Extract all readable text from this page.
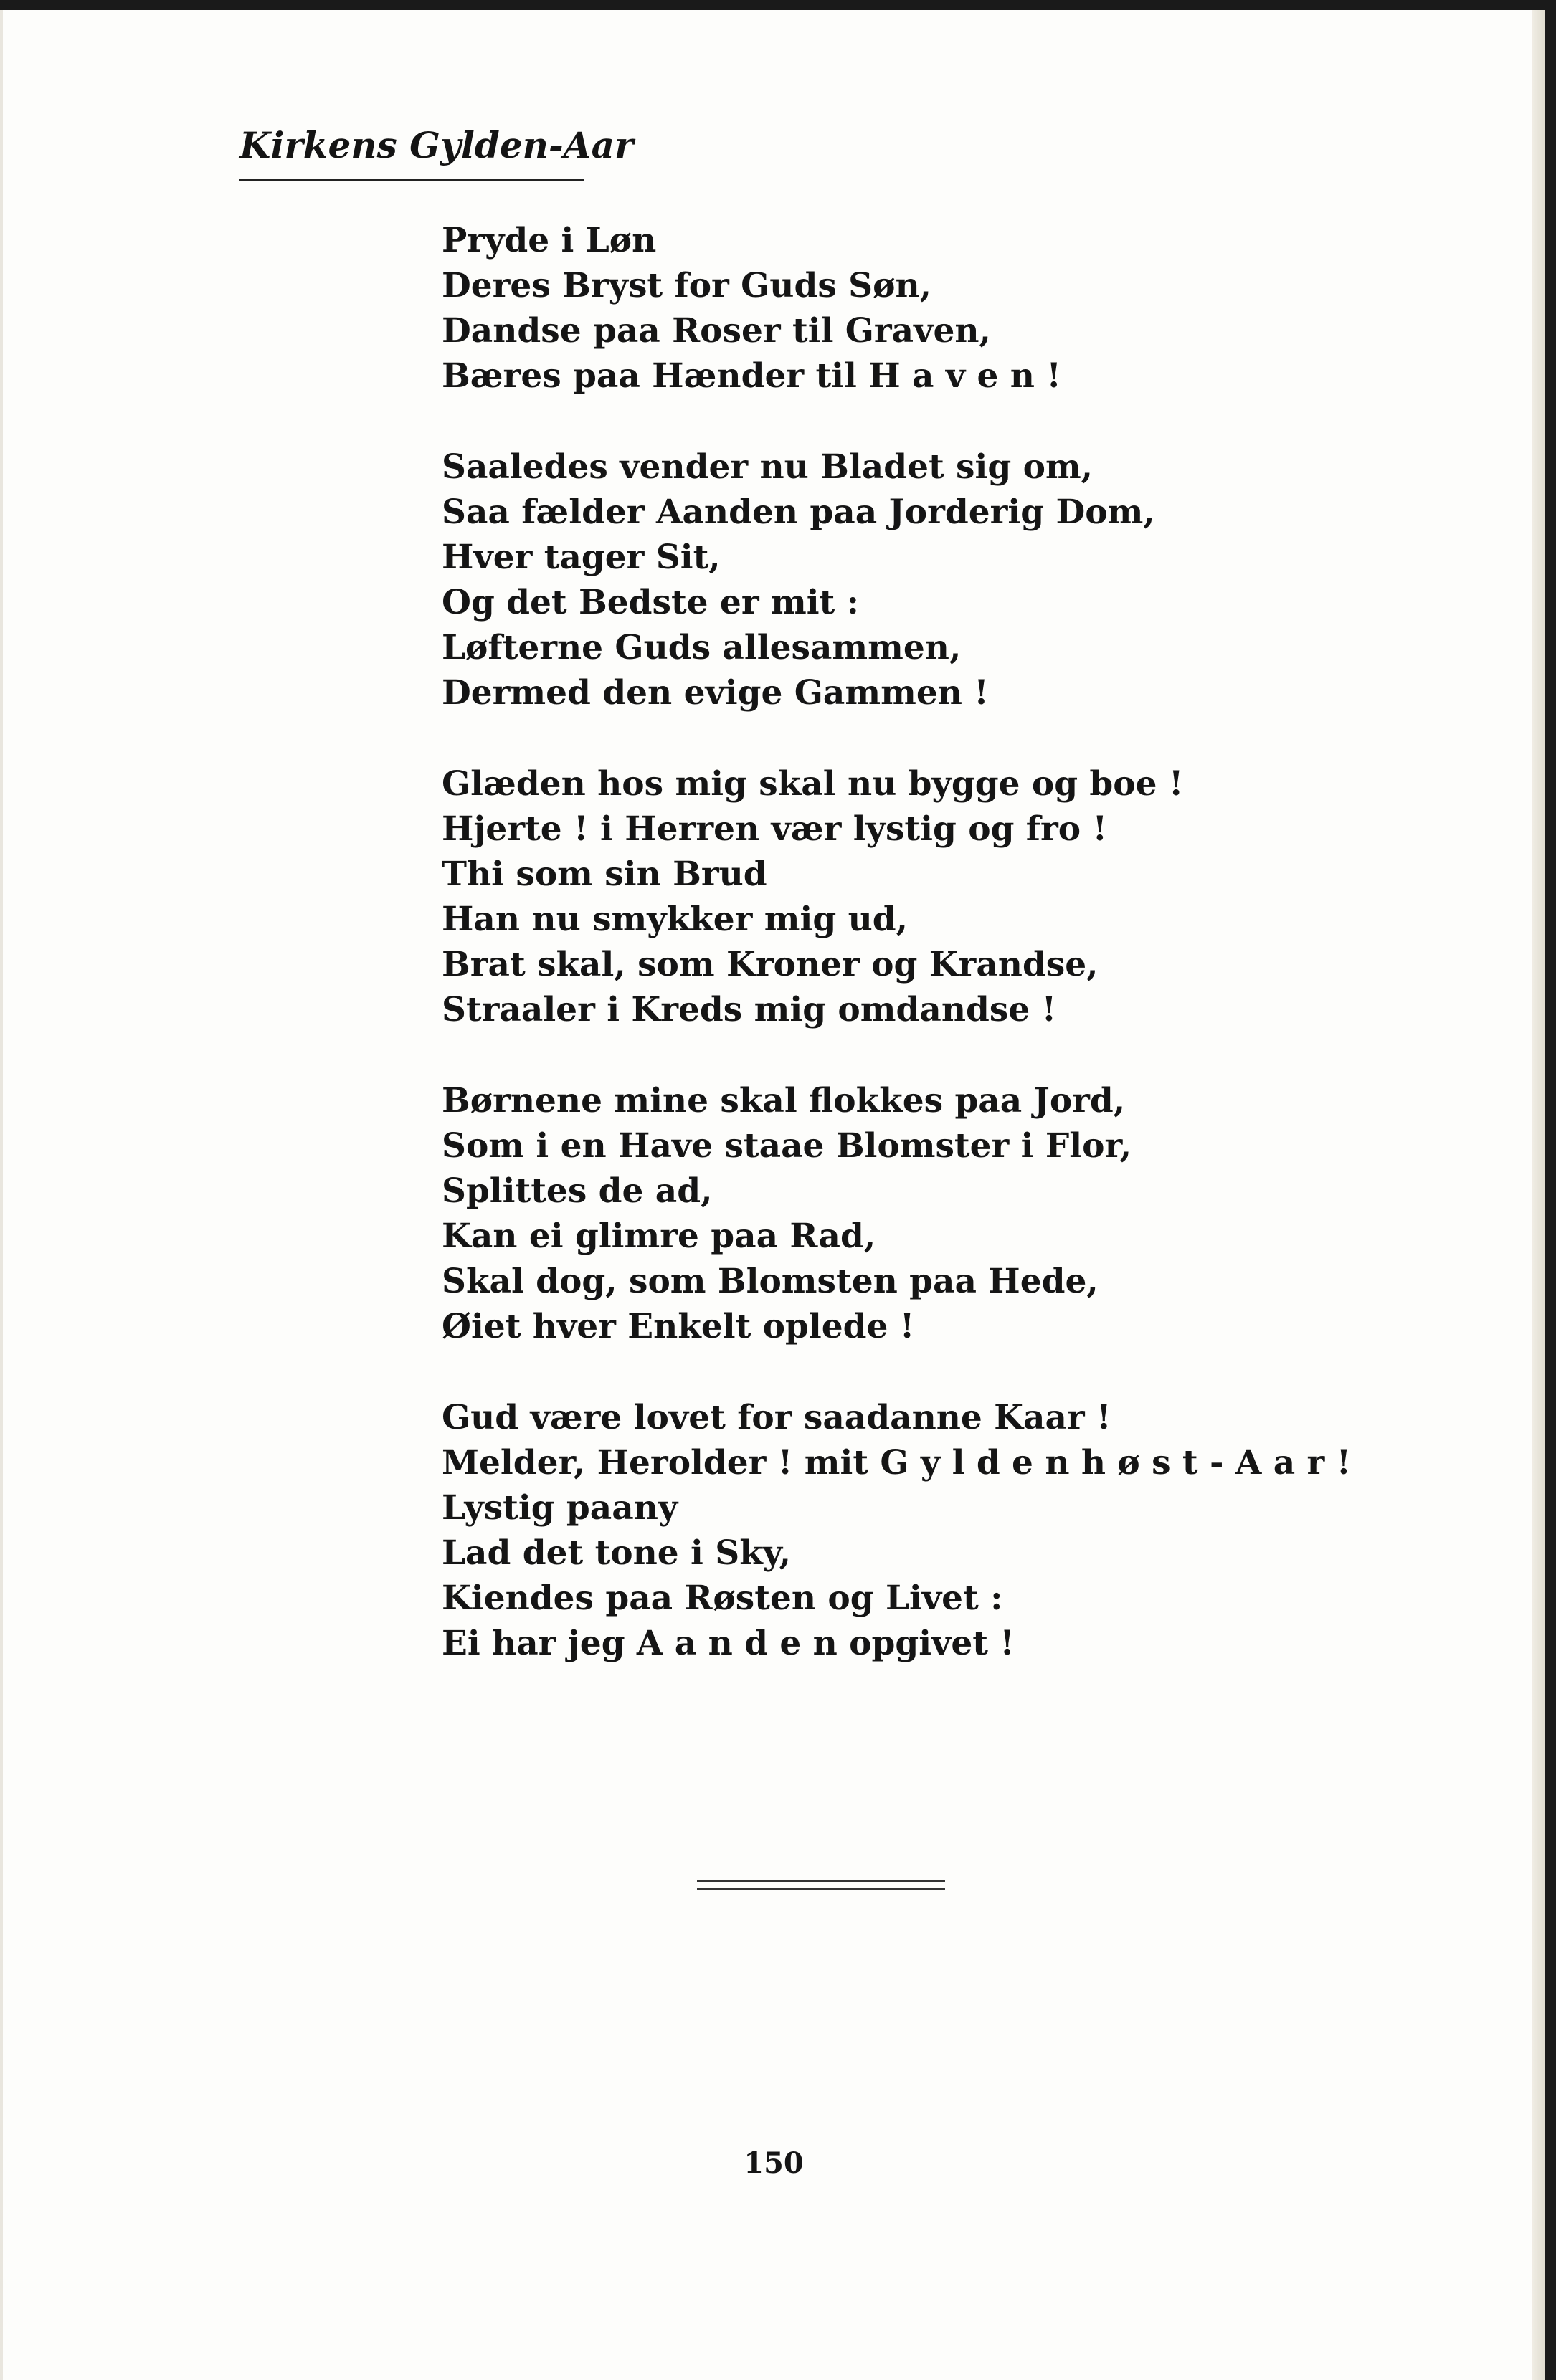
Kirkens Gylden-Aar
Pryde i Løn
Deres Bryst for Guds Søn,
Dandse paa Roser til Graven,
Bæres paa Hænder til H a v e n !
Saaledes vender nu Bladet sig om,
Saa fælder Aanden paa Jorderig Dom,
Hver tager Sit,
Og det Bedste er mit :
Løfterne Guds allesammen,
Dermed den evige Gammen !
Glæden hos mig skal nu bygge og boe !
Hjerte ! i Herren vær lystig og fro !
Thi som sin Brud
Han nu smykker mig ud,
Brat skal, som Kroner og Krandse,
Straaler i Kreds mig omdandse !
Børnene mine skal flokkes paa Jord,
Som i en Have staae Blomster i Flor,
Splittes de ad,
Kan ei glimre paa Rad,
Skal dog, som Blomsten paa Hede,
Øiet hver Enkelt oplede !
Gud være lovet for saadanne Kaar !
Melder, Herolder ! mit G y l d e n h ø s t - A a r !
Lystig paany
Lad det tone i Sky,
Kiendes paa Røsten og Livet :
Ei har jeg A a n d e n opgivet !
150
